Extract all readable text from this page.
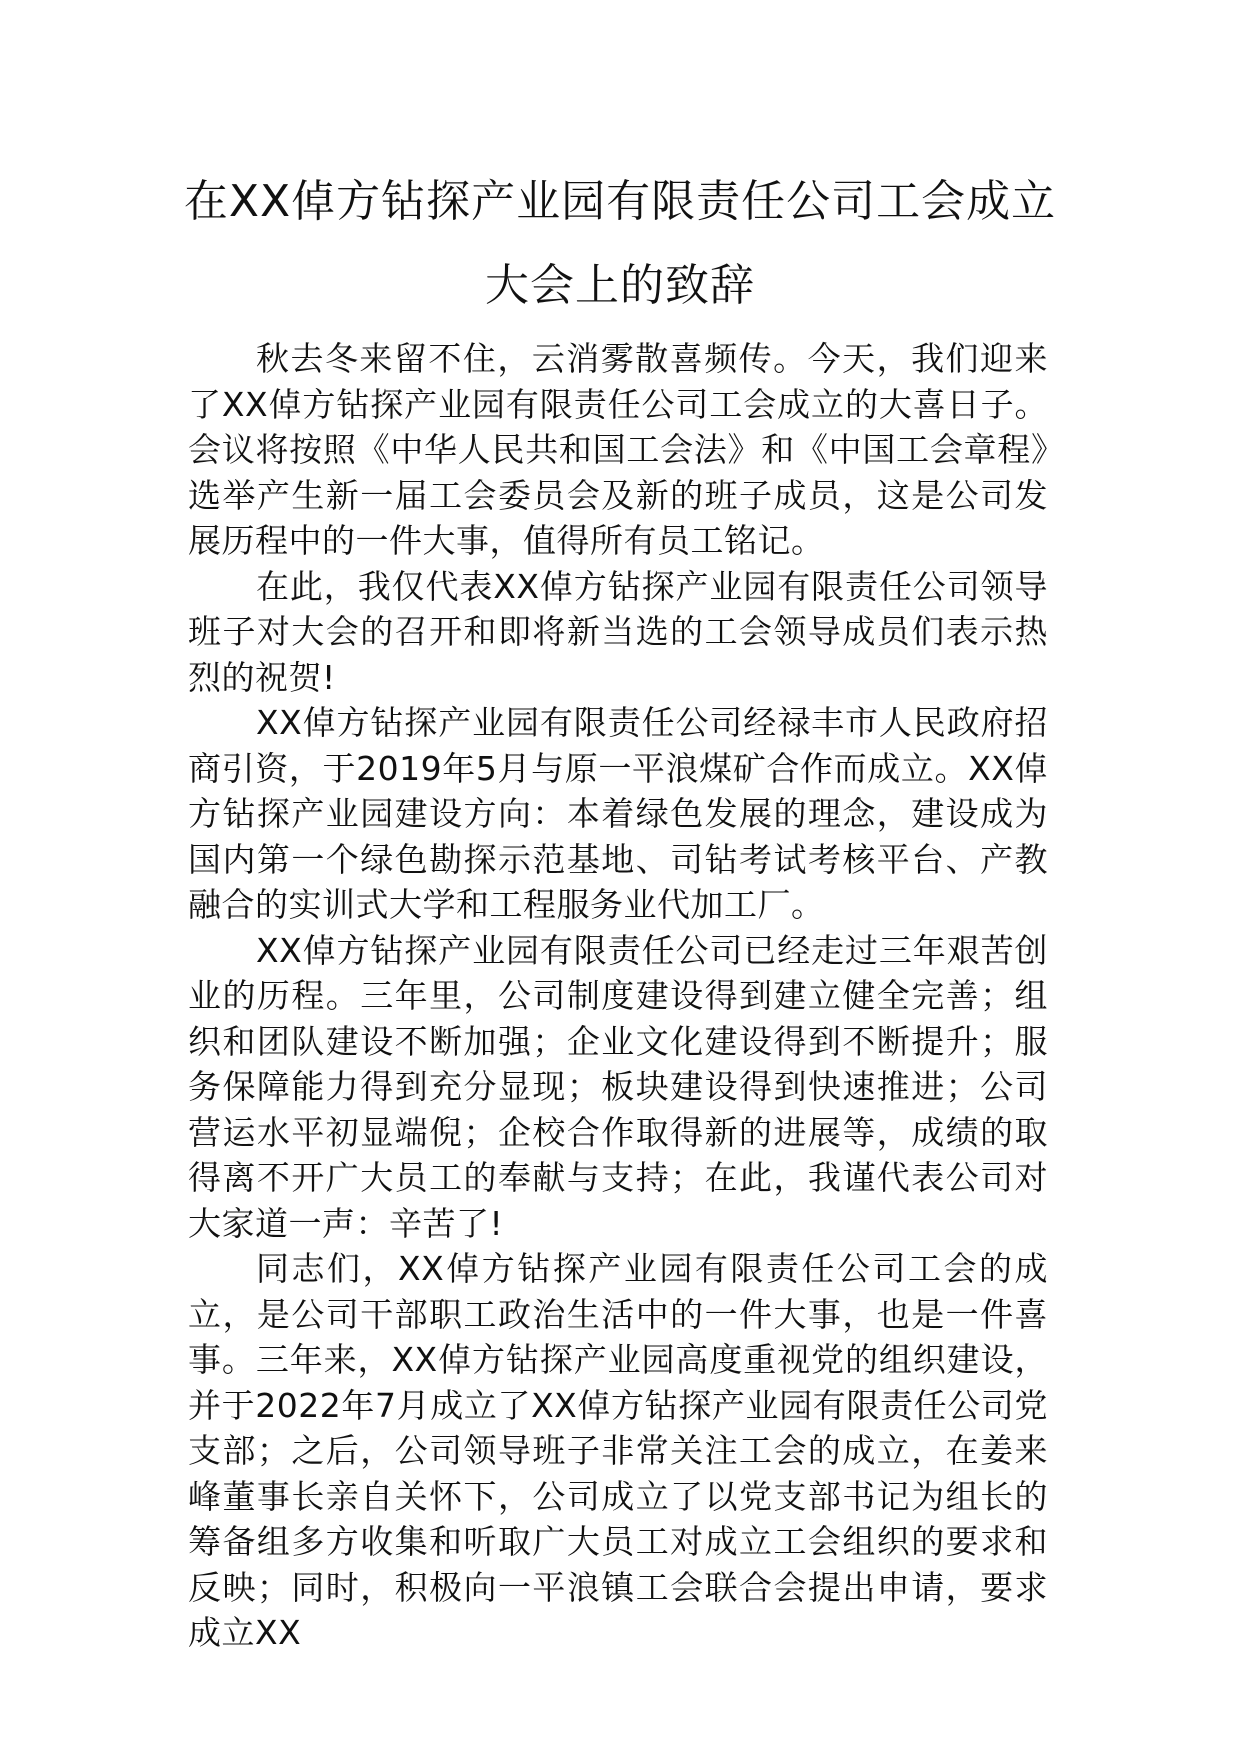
在XX倬方钻探产业园有限责任公司工会成立大会上的致辞

秋去冬来留不住，云消雾散喜频传。今天，我们迎来了XX倬方钻探产业园有限责任公司工会成立的大喜日子。会议将按照《中华人民共和国工会法》和《中国工会章程》选举产生新一届工会委员会及新的班子成员，这是公司发展历程中的一件大事，值得所有员工铭记。

在此，我仅代表XX倬方钻探产业园有限责任公司领导班子对大会的召开和即将新当选的工会领导成员们表示热烈的祝贺!

XX倬方钻探产业园有限责任公司经禄丰市人民政府招商引资，于2019年5月与原一平浪煤矿合作而成立。XX倬方钻探产业园建设方向：本着绿色发展的理念，建设成为国内第一个绿色勘探示范基地、司钻考试考核平台、产教融合的实训式大学和工程服务业代加工厂。

XX倬方钻探产业园有限责任公司已经走过三年艰苦创业的历程。三年里，公司制度建设得到建立健全完善；组织和团队建设不断加强；企业文化建设得到不断提升；服务保障能力得到充分显现；板块建设得到快速推进；公司营运水平初显端倪；企校合作取得新的进展等，成绩的取得离不开广大员工的奉献与支持；在此，我谨代表公司对大家道一声：辛苦了!

同志们，XX倬方钻探产业园有限责任公司工会的成立，是公司干部职工政治生活中的一件大事，也是一件喜事。三年来，XX倬方钻探产业园高度重视党的组织建设，并于2022年7月成立了XX倬方钻探产业园有限责任公司党支部；之后，公司领导班子非常关注工会的成立，在姜来峰董事长亲自关怀下，公司成立了以党支部书记为组长的筹备组多方收集和听取广大员工对成立工会组织的要求和反映；同时，积极向一平浪镇工会联合会提出申请，要求成立XX
